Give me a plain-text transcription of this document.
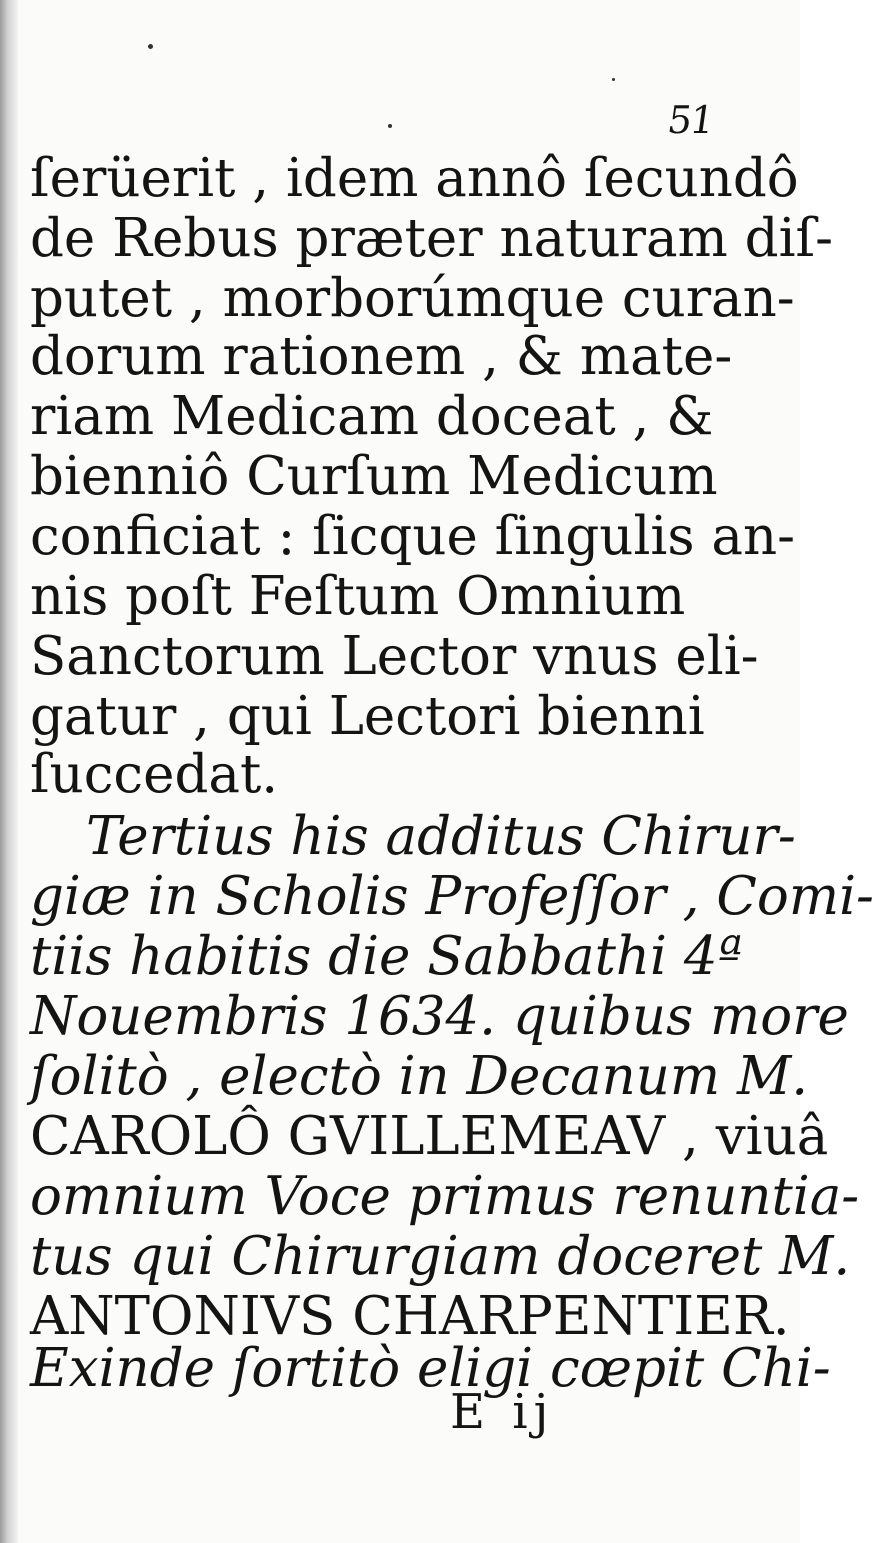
51
ſerüerit , idem annô ſecundô
de Rebus præter naturam diſ-
putet , morborúmque curan-
dorum rationem , & mate-
riam Medicam doceat , &
bienniô Curſum Medicum
conficiat : ſicque ſingulis an-
nis poſt Feſtum Omnium
Sanctorum Lector vnus eli-
gatur , qui Lectori bienni
ſuccedat.
Tertius his additus Chirur-
giæ in Scholis Profeſſor , Comi-
tiis habitis die Sabbathi 4ª
Nouembris 1634. quibus more
ſolitò , electò in Decanum M.
CAROLÔ GVILLEMEAV , viuâ
omnium Voce primus renuntia-
tus qui Chirurgiam doceret M.
ANTONIVS CHARPENTIER.
Exinde ſortitò eligi cœpit Chi-
E ij
